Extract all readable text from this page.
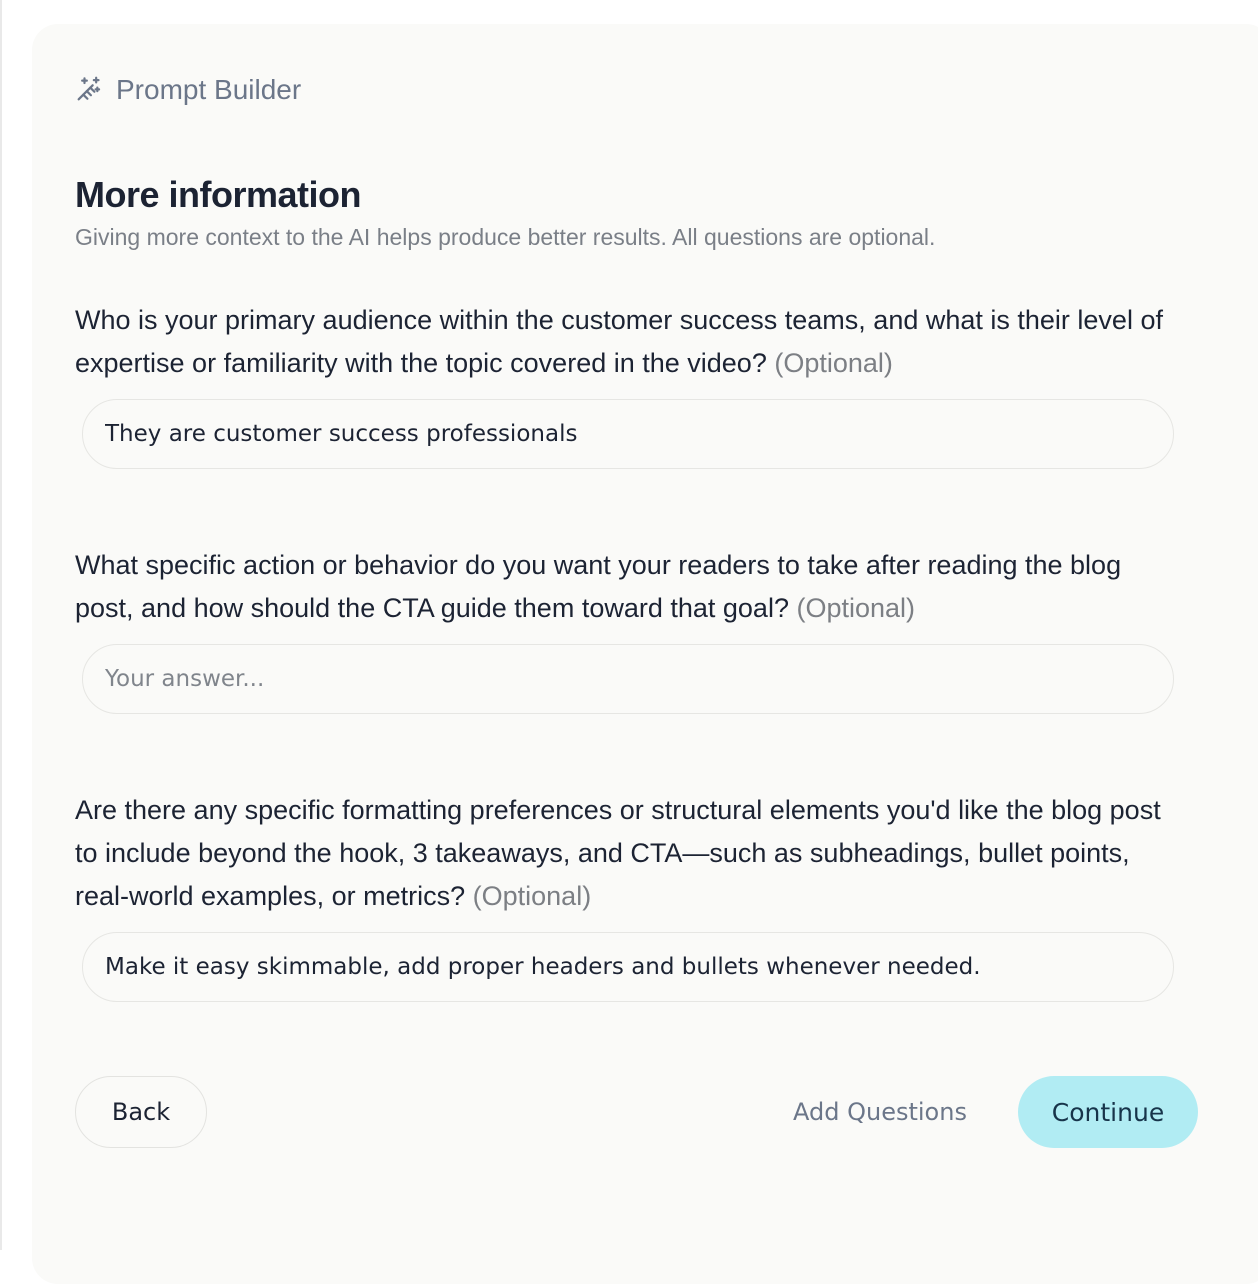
Prompt Builder
More information

Giving more context to the AI helps produce better results. All questions are optional.

Who is your primary audience within the customer success teams, and what is their level of expertise or familiarity with the topic covered in the video? (Optional)

They are customer success professionals

What specific action or behavior do you want your readers to take after reading the blog post, and how should the CTA guide them toward that goal? (Optional)

Your answer...

Are there any specific formatting preferences or structural elements you'd like the blog post to include beyond the hook, 3 takeaways, and CTA—such as subheadings, bullet points, real-world examples, or metrics? (Optional)

Make it easy skimmable, add proper headers and bullets whenever needed.
Back	Add Questions	Continue
